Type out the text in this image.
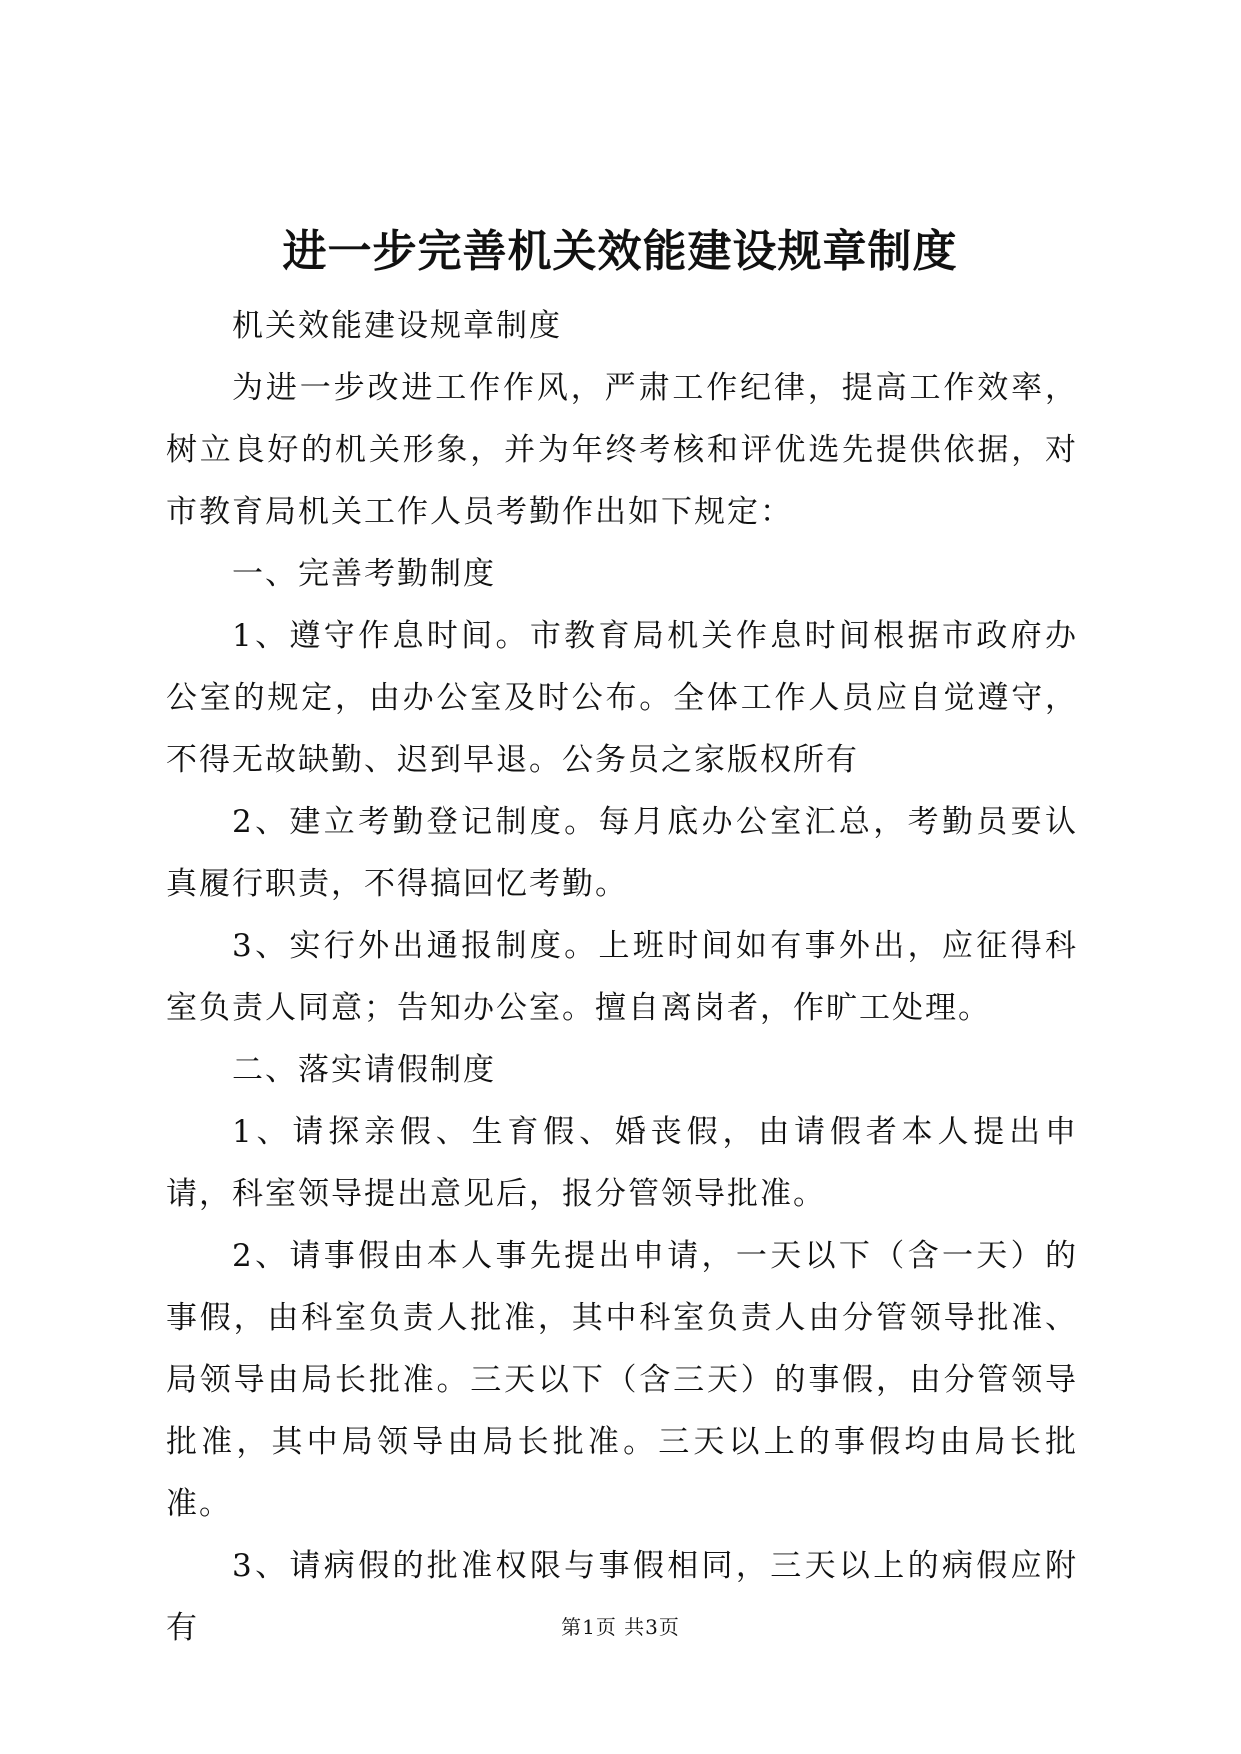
进一步完善机关效能建设规章制度

机关效能建设规章制度

为进一步改进工作作风，严肃工作纪律，提高工作效率，树立良好的机关形象，并为年终考核和评优选先提供依据，对市教育局机关工作人员考勤作出如下规定：

一、完善考勤制度

1、遵守作息时间。市教育局机关作息时间根据市政府办公室的规定，由办公室及时公布。全体工作人员应自觉遵守，不得无故缺勤、迟到早退。公务员之家版权所有

2、建立考勤登记制度。每月底办公室汇总，考勤员要认真履行职责，不得搞回忆考勤。

3、实行外出通报制度。上班时间如有事外出，应征得科室负责人同意；告知办公室。擅自离岗者，作旷工处理。

二、落实请假制度

1、请探亲假、生育假、婚丧假，由请假者本人提出申请，科室领导提出意见后，报分管领导批准。

2、请事假由本人事先提出申请，一天以下（含一天）的事假，由科室负责人批准，其中科室负责人由分管领导批准、局领导由局长批准。三天以下（含三天）的事假，由分管领导批准，其中局领导由局长批准。三天以上的事假均由局长批准。

3、请病假的批准权限与事假相同，三天以上的病假应附有	第1页 共3页
